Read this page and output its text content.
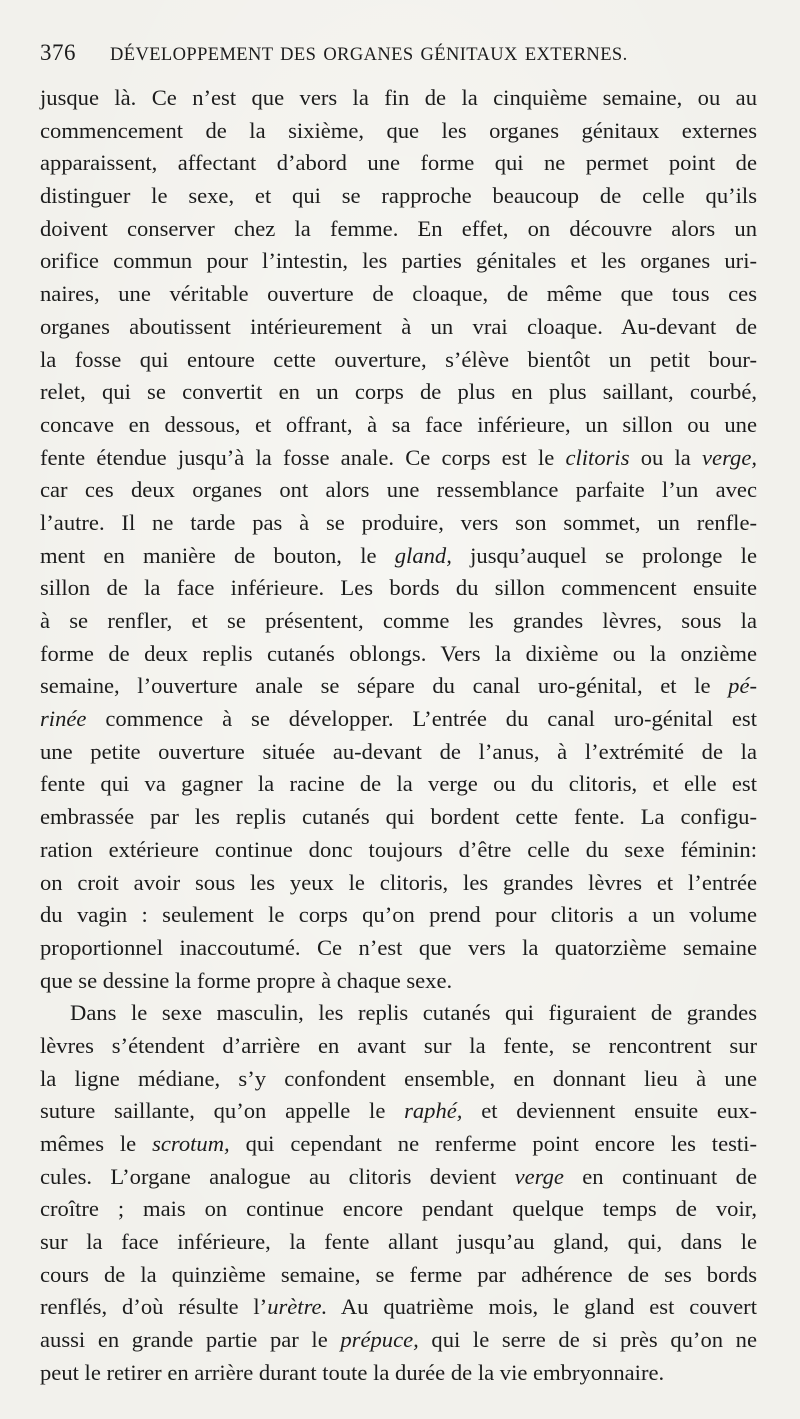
376	DÉVELOPPEMENT DES ORGANES GÉNITAUX EXTERNES.
jusque là. Ce n’est que vers la fin de la cinquième semaine, ou au
commencement de la sixième, que les organes génitaux externes
apparaissent, affectant d’abord une forme qui ne permet point de
distinguer le sexe, et qui se rapproche beaucoup de celle qu’ils
doivent conserver chez la femme. En effet, on découvre alors un
orifice commun pour l’intestin, les parties génitales et les organes uri-
naires, une véritable ouverture de cloaque, de même que tous ces
organes aboutissent intérieurement à un vrai cloaque. Au-devant de
la fosse qui entoure cette ouverture, s’élève bientôt un petit bour-
relet, qui se convertit en un corps de plus en plus saillant, courbé,
concave en dessous, et offrant, à sa face inférieure, un sillon ou une
fente étendue jusqu’à la fosse anale. Ce corps est le clitoris ou la verge,
car ces deux organes ont alors une ressemblance parfaite l’un avec
l’autre. Il ne tarde pas à se produire, vers son sommet, un renfle-
ment en manière de bouton, le gland, jusqu’auquel se prolonge le
sillon de la face inférieure. Les bords du sillon commencent ensuite
à se renfler, et se présentent, comme les grandes lèvres, sous la
forme de deux replis cutanés oblongs. Vers la dixième ou la onzième
semaine, l’ouverture anale se sépare du canal uro-génital, et le pé-
rinée commence à se développer. L’entrée du canal uro-génital est
une petite ouverture située au-devant de l’anus, à l’extrémité de la
fente qui va gagner la racine de la verge ou du clitoris, et elle est
embrassée par les replis cutanés qui bordent cette fente. La configu-
ration extérieure continue donc toujours d’être celle du sexe féminin:
on croit avoir sous les yeux le clitoris, les grandes lèvres et l’entrée
du vagin : seulement le corps qu’on prend pour clitoris a un volume
proportionnel inaccoutumé. Ce n’est que vers la quatorzième semaine
que se dessine la forme propre à chaque sexe.
Dans le sexe masculin, les replis cutanés qui figuraient de grandes
lèvres s’étendent d’arrière en avant sur la fente, se rencontrent sur
la ligne médiane, s’y confondent ensemble, en donnant lieu à une
suture saillante, qu’on appelle le raphé, et deviennent ensuite eux-
mêmes le scrotum, qui cependant ne renferme point encore les testi-
cules. L’organe analogue au clitoris devient verge en continuant de
croître ; mais on continue encore pendant quelque temps de voir,
sur la face inférieure, la fente allant jusqu’au gland, qui, dans le
cours de la quinzième semaine, se ferme par adhérence de ses bords
renflés, d’où résulte l’urètre. Au quatrième mois, le gland est couvert
aussi en grande partie par le prépuce, qui le serre de si près qu’on ne
peut le retirer en arrière durant toute la durée de la vie embryonnaire.
